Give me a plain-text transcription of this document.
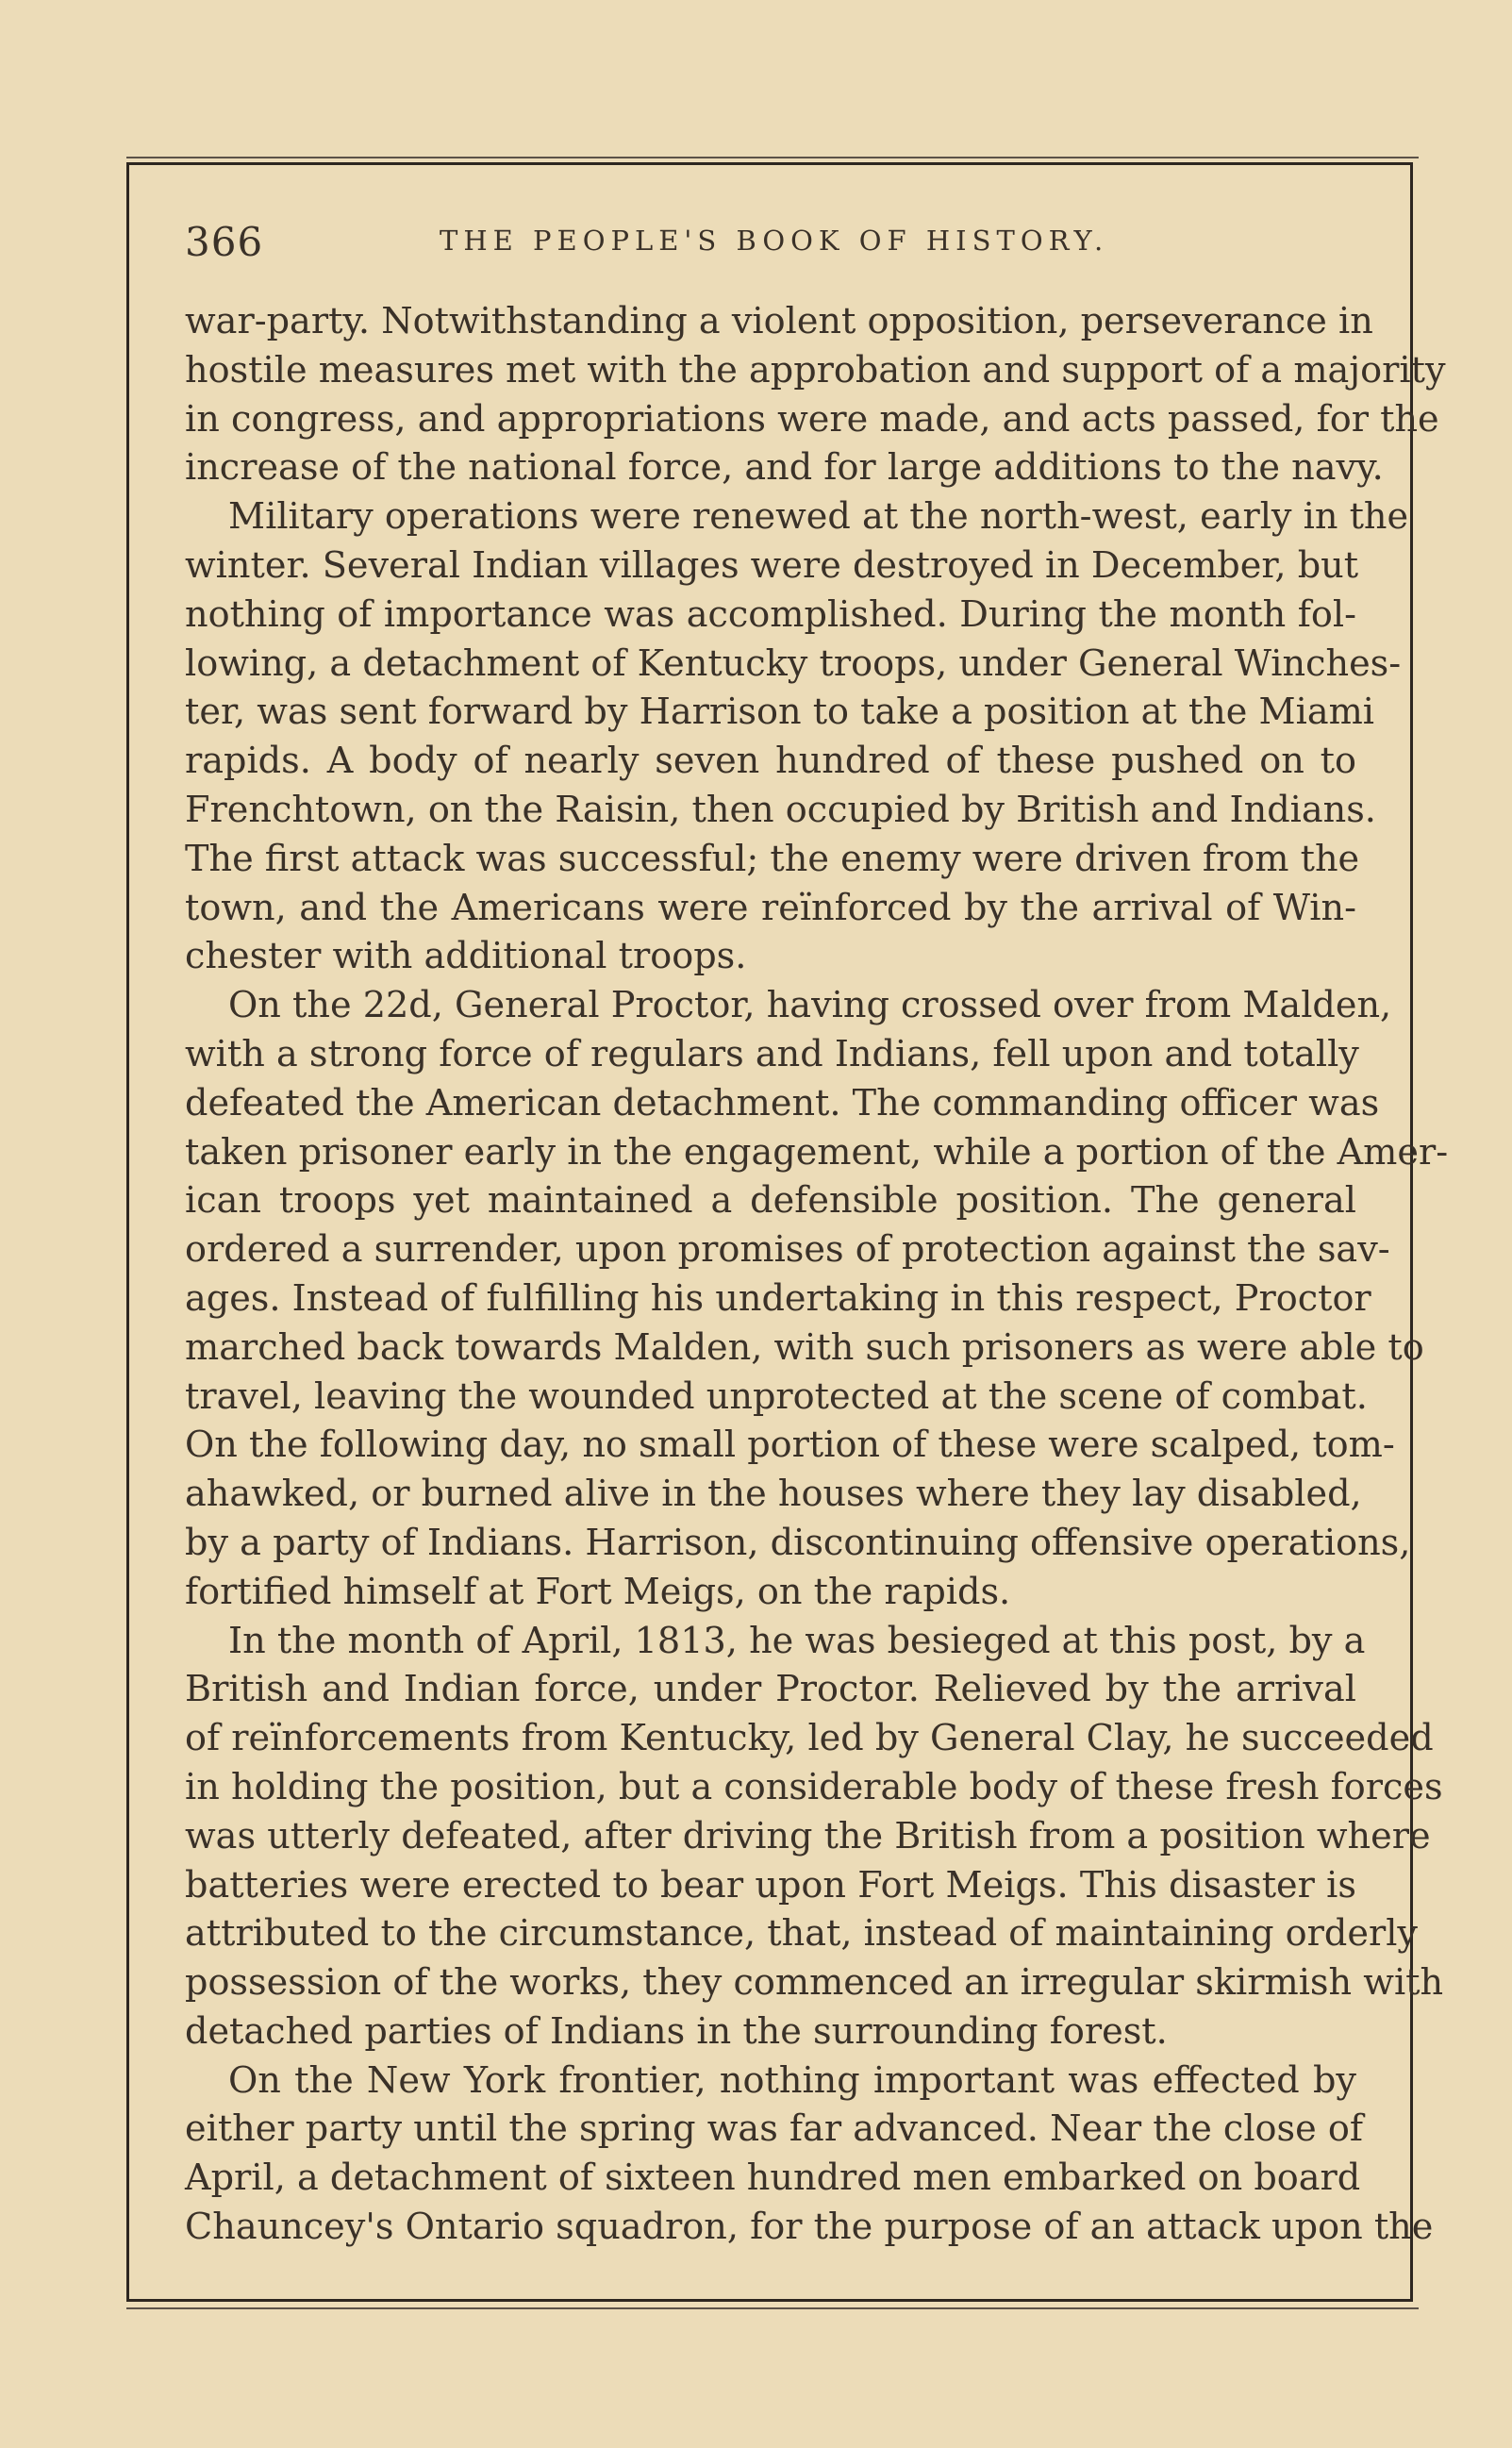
366	THE PEOPLE'S BOOK OF HISTORY.

war-party. Notwithstanding a violent opposition, perseverance in
hostile measures met with the approbation and support of a majority
in congress, and appropriations were made, and acts passed, for the
increase of the national force, and for large additions to the navy.

Military operations were renewed at the north-west, early in the
winter. Several Indian villages were destroyed in December, but
nothing of importance was accomplished. During the month fol-
lowing, a detachment of Kentucky troops, under General Winches-
ter, was sent forward by Harrison to take a position at the Miami
rapids. A body of nearly seven hundred of these pushed on to
Frenchtown, on the Raisin, then occupied by British and Indians.
The first attack was successful; the enemy were driven from the
town, and the Americans were reïnforced by the arrival of Win-
chester with additional troops.

On the 22d, General Proctor, having crossed over from Malden,
with a strong force of regulars and Indians, fell upon and totally
defeated the American detachment. The commanding officer was
taken prisoner early in the engagement, while a portion of the Amer-
ican troops yet maintained a defensible position. The general
ordered a surrender, upon promises of protection against the sav-
ages. Instead of fulfilling his undertaking in this respect, Proctor
marched back towards Malden, with such prisoners as were able to
travel, leaving the wounded unprotected at the scene of combat.
On the following day, no small portion of these were scalped, tom-
ahawked, or burned alive in the houses where they lay disabled,
by a party of Indians. Harrison, discontinuing offensive operations,
fortified himself at Fort Meigs, on the rapids.

In the month of April, 1813, he was besieged at this post, by a
British and Indian force, under Proctor. Relieved by the arrival
of reïnforcements from Kentucky, led by General Clay, he succeeded
in holding the position, but a considerable body of these fresh forces
was utterly defeated, after driving the British from a position where
batteries were erected to bear upon Fort Meigs. This disaster is
attributed to the circumstance, that, instead of maintaining orderly
possession of the works, they commenced an irregular skirmish with
detached parties of Indians in the surrounding forest.

On the New York frontier, nothing important was effected by
either party until the spring was far advanced. Near the close of
April, a detachment of sixteen hundred men embarked on board
Chauncey's Ontario squadron, for the purpose of an attack upon the
